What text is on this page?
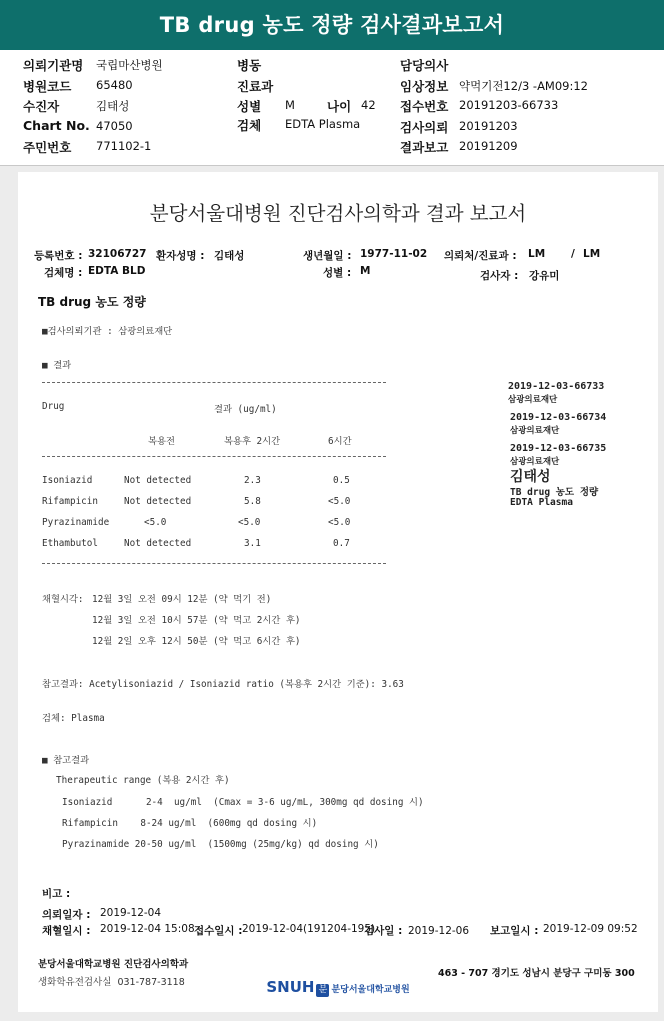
TB drug 농도 정량 검사결과보고서
의뢰기관명 국립마산병원
병원코드 65480
수진자	김태성
Chart No. 47050
주민번호 771102-1
병동
진료과
성별 M	나이 42
검체 EDTA Plasma
담당의사
임상정보 약먹기전12/3 -AM09:12
접수번호 20191203-66733
검사의뢰 20191203
결과보고 20191209
분당서울대병원 진단검사의학과 결과 보고서
등록번호 : 32106727 환자성명 : 김태성	생년월일 : 1977-11-02 의뢰처/진료과 : LM / LM
검체명 : EDTA BLD	성별 : M	검사자 : 강유미
TB drug 농도 정량
■검사의뢰기관 : 삼광의료재단
■ 결과
Drug	결과 (ug/ml)
복용전	복용후 2시간	6시간
Isoniazid	Not detected	2.3	0.5
Rifampicin	Not detected	5.8	<5.0
Pyrazinamide	<5.0	<5.0	<5.0
Ethambutol	Not detected	3.1	0.7
채혈시각: 12월 3일 오전 09시 12분 (약 먹기 전)
12월 3일 오전 10시 57분 (약 먹고 2시간 후)
12월 2일 오후 12시 50분 (약 먹고 6시간 후)
참고결과: Acetylisoniazid / Isoniazid ratio (복용후 2시간 기준): 3.63
검체: Plasma
■ 참고결과
Therapeutic range (복용 2시간 후)
Isoniazid      2-4  ug/ml  (Cmax = 3-6 ug/mL, 300mg qd dosing 시)
Rifampicin    8-24 ug/ml  (600mg qd dosing 시)
Pyrazinamide 20-50 ug/ml  (1500mg (25mg/kg) qd dosing 시)
2019-12-03-66733
삼광의료재단
2019-12-03-66734
삼광의료재단
2019-12-03-66735
삼광의료재단
김태성
TB drug 농도 정량
EDTA Plasma
비고 :
의뢰일자 : 2019-12-04
채혈일시 : 2019-12-04 15:08 접수일시 : 2019-12-04(191204-195)
검사일 : 2019-12-06 보고일시 : 2019-12-09 09:52
분당서울대학교병원 진단검사의학과
생화학유전검사실  031-787-3118	SNUH 분 분당서울대학교병원

463 - 707 경기도 성남시 분당구 구미동 300
